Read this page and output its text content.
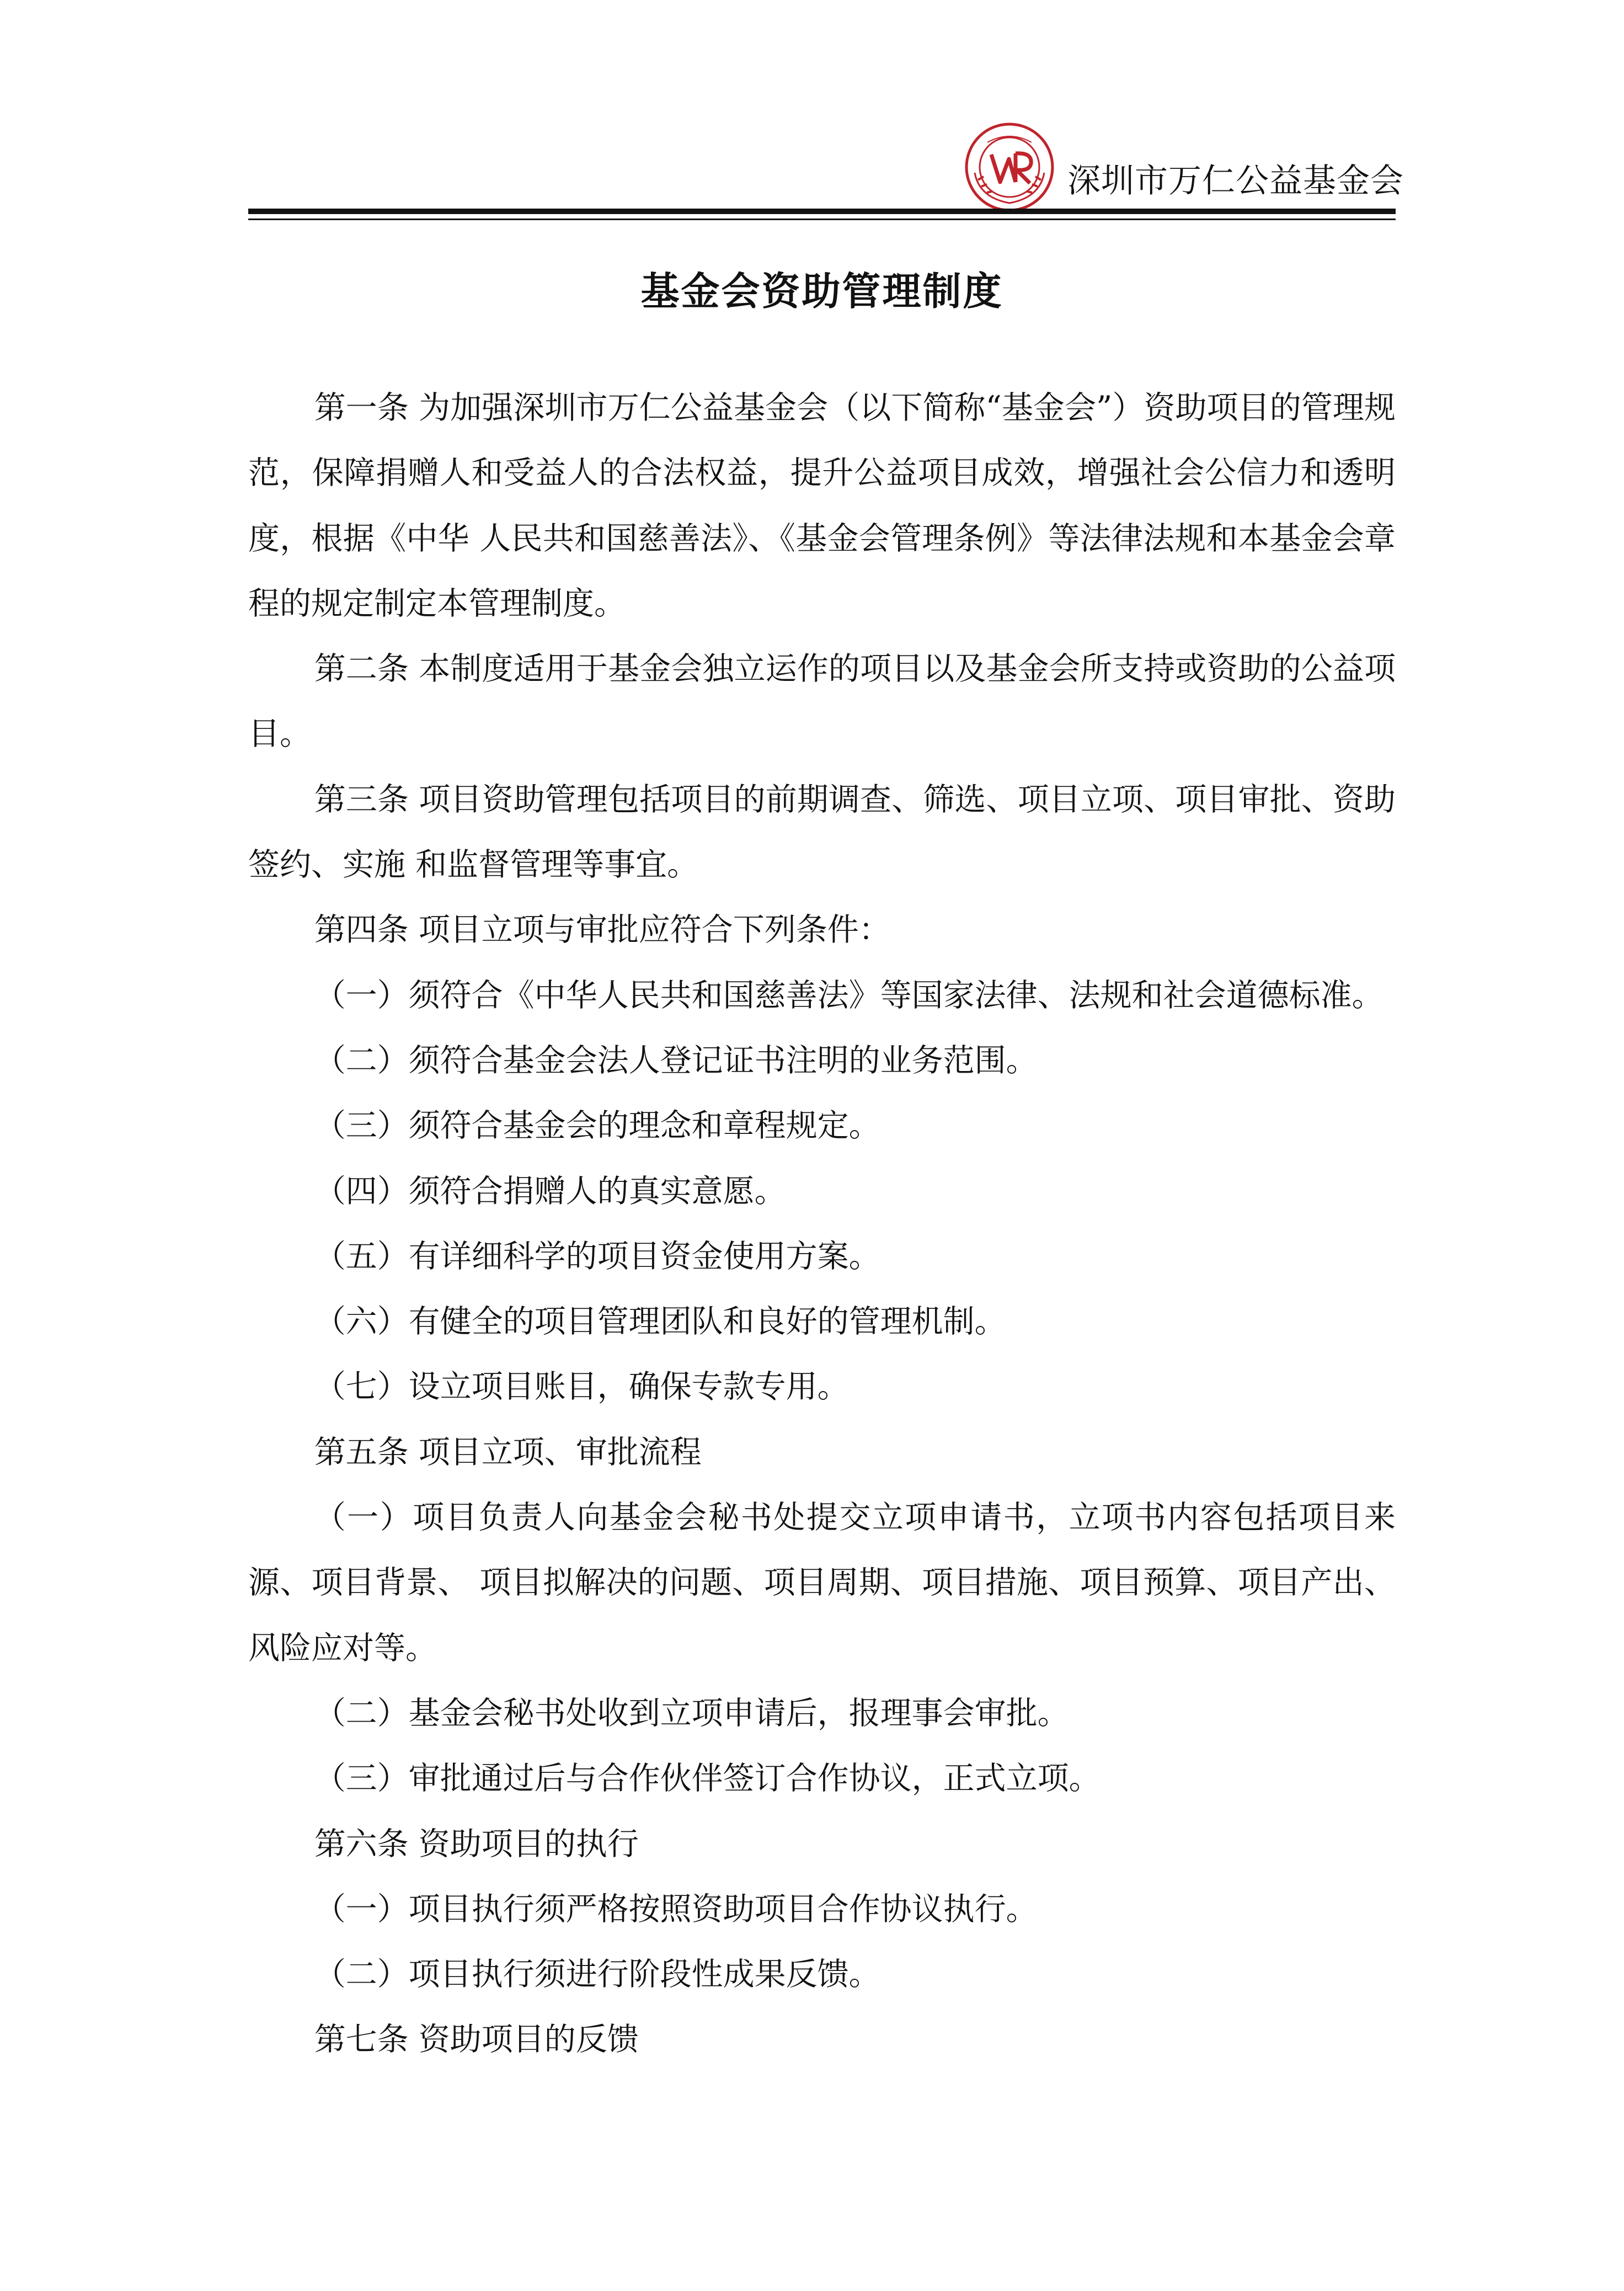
深圳市万仁公益基金会
基金会资助管理制度

第一条 为加强深圳市万仁公益基金会（以下简称“基金会”）资助项目的管理规范，保障捐赠人和受益人的合法权益，提升公益项目成效，增强社会公信力和透明度，根据《中华 人民共和国慈善法》、《基金会管理条例》等法律法规和本基金会章程的规定制定本管理制度。

第二条 本制度适用于基金会独立运作的项目以及基金会所支持或资助的公益项目。

第三条 项目资助管理包括项目的前期调查、筛选、项目立项、项目审批、资助签约、实施 和监督管理等事宜。

第四条 项目立项与审批应符合下列条件：

（一）须符合《中华人民共和国慈善法》等国家法律、法规和社会道德标准。

（二）须符合基金会法人登记证书注明的业务范围。

（三）须符合基金会的理念和章程规定。

（四）须符合捐赠人的真实意愿。

（五）有详细科学的项目资金使用方案。

（六）有健全的项目管理团队和良好的管理机制。

（七）设立项目账目，确保专款专用。

第五条 项目立项、审批流程

（一）项目负责人向基金会秘书处提交立项申请书，立项书内容包括项目来源、项目背景、 项目拟解决的问题、项目周期、项目措施、项目预算、项目产出、风险应对等。

（二）基金会秘书处收到立项申请后，报理事会审批。

（三）审批通过后与合作伙伴签订合作协议，正式立项。

第六条 资助项目的执行

（一）项目执行须严格按照资助项目合作协议执行。

（二）项目执行须进行阶段性成果反馈。

第七条 资助项目的反馈
